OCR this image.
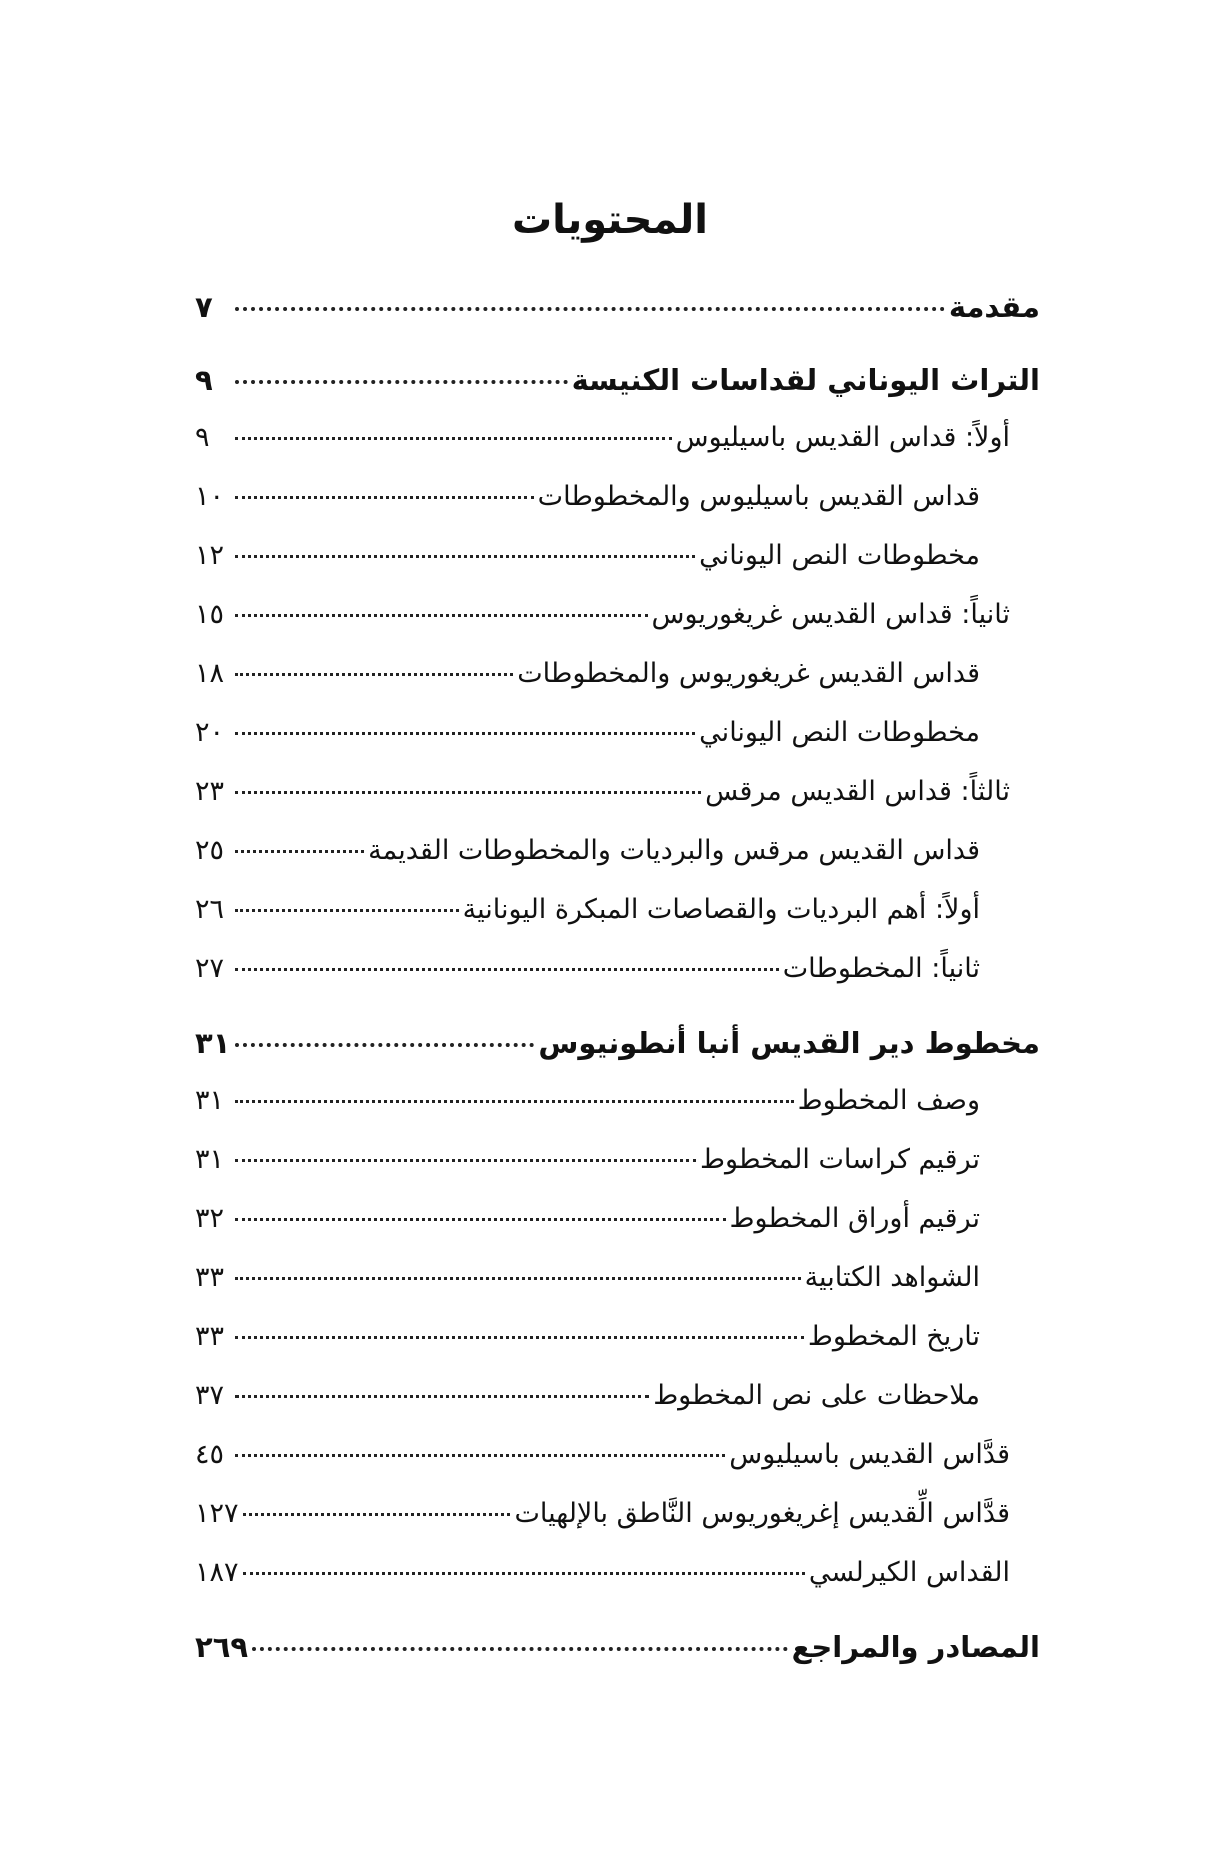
المحتويات
مقدمة
٧
التراث اليوناني لقداسات الكنيسة
٩
أولاً: قداس القديس باسيليوس
٩
قداس القديس باسيليوس والمخطوطات
١٠
مخطوطات النص اليوناني
١٢
ثانياً: قداس القديس غريغوريوس
١٥
قداس القديس غريغوريوس والمخطوطات
١٨
مخطوطات النص اليوناني
٢٠
ثالثاً: قداس القديس مرقس
٢٣
قداس القديس مرقس والبرديات والمخطوطات القديمة
٢٥
أولاً: أهم البرديات والقصاصات المبكرة اليونانية
٢٦
ثانياً: المخطوطات
٢٧
مخطوط دير القديس أنبا أنطونيوس
٣١
وصف المخطوط
٣١
ترقيم كراسات المخطوط
٣١
ترقيم أوراق المخطوط
٣٢
الشواهد الكتابية
٣٣
تاريخ المخطوط
٣٣
ملاحظات على نص المخطوط
٣٧
قدَّاس القديس باسيليوس
٤٥
قدَّاس الِّقديس إغريغوريوس النَّاطق بالإلهيات
١٢٧
القداس الكيرلسي
١٨٧
المصادر والمراجع
٢٦٩
